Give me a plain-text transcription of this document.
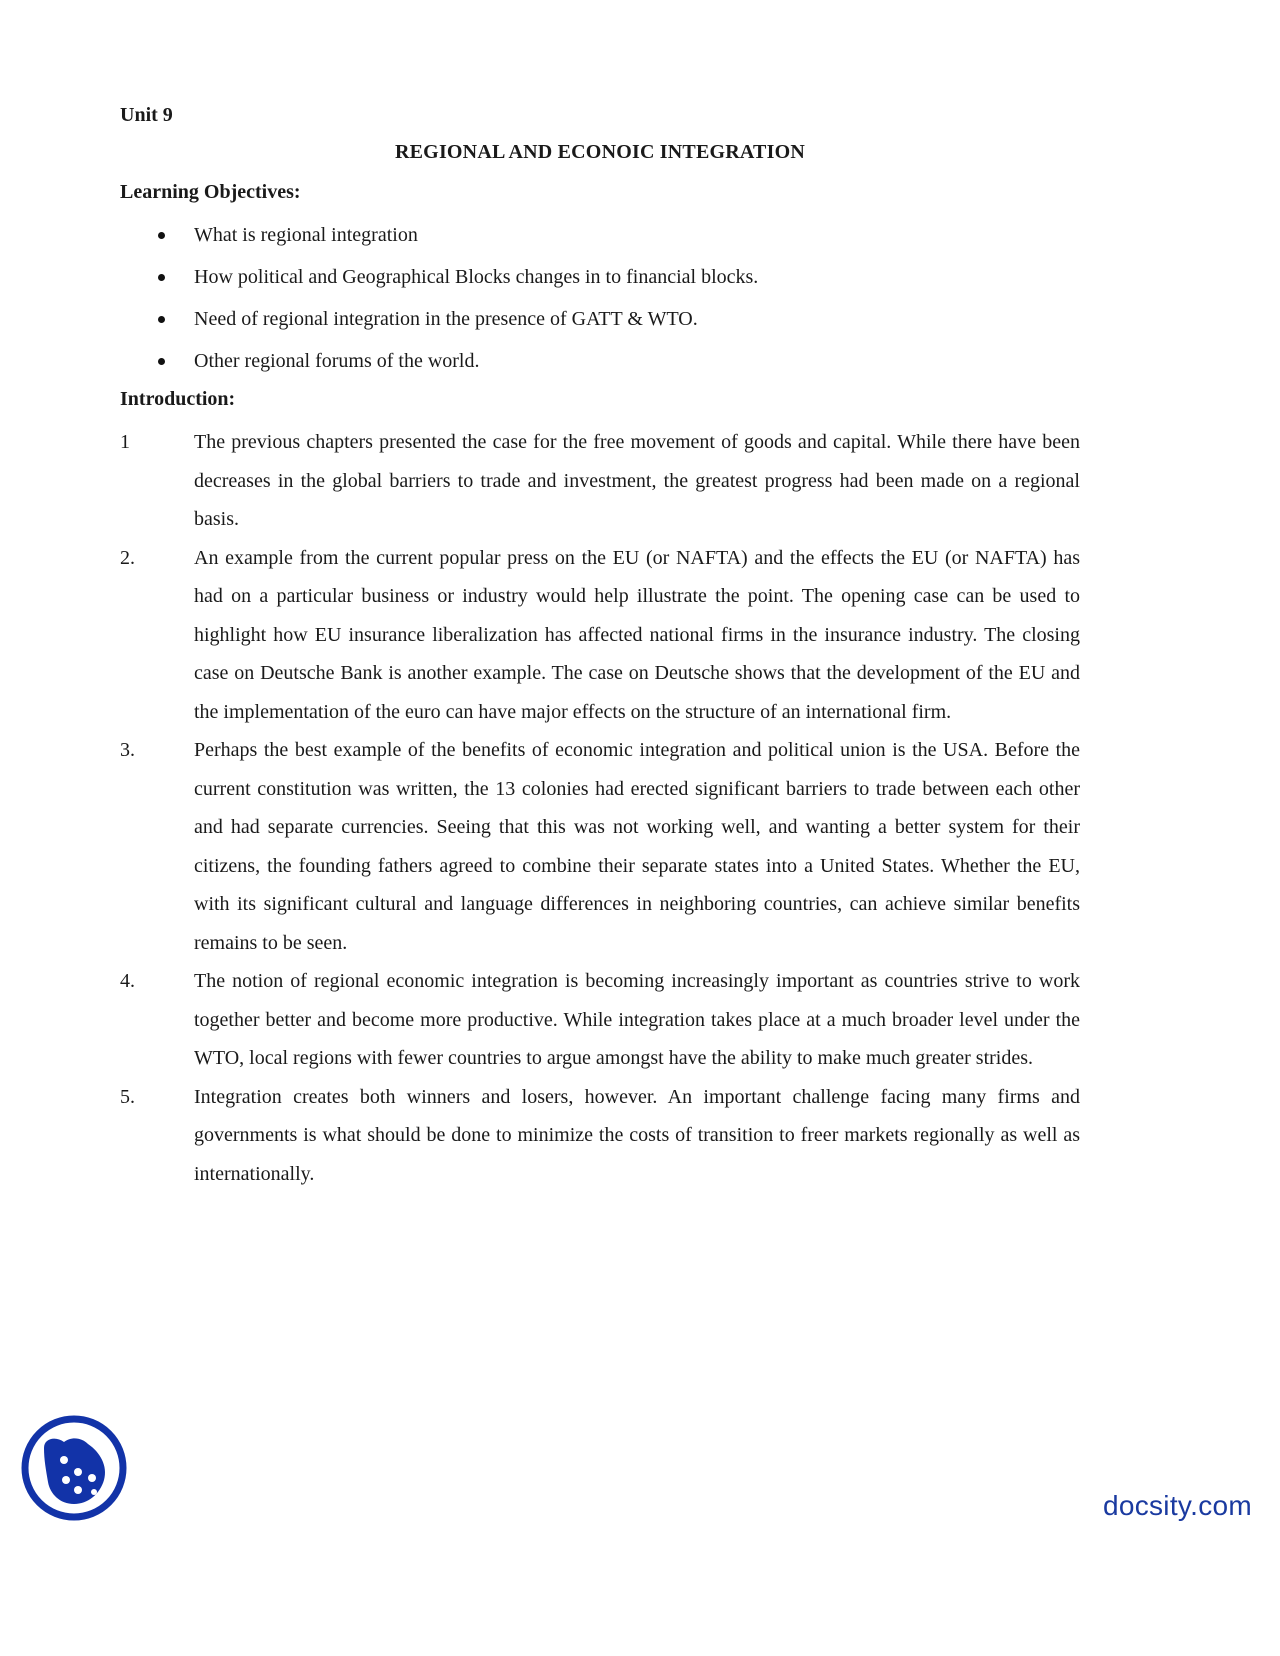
Unit 9
REGIONAL AND ECONOIC INTEGRATION
Learning Objectives:
What is regional integration
How political and Geographical Blocks changes in to financial blocks.
Need of regional integration in the presence of GATT & WTO.
Other regional forums of the world.
Introduction:
1	The previous chapters presented the case for the free movement of goods and capital. While there have been decreases in the global barriers to trade and investment, the greatest progress had been made on a regional basis.
2.	An example from the current popular press on the EU (or NAFTA) and the effects the EU (or NAFTA) has had on a particular business or industry would help illustrate the point. The opening case can be used to highlight how EU insurance liberalization has affected national firms in the insurance industry. The closing case on Deutsche Bank is another example. The case on Deutsche shows that the development of the EU and the implementation of the euro can have major effects on the structure of an international firm.
3.	Perhaps the best example of the benefits of economic integration and political union is the USA. Before the current constitution was written, the 13 colonies had erected significant barriers to trade between each other and had separate currencies. Seeing that this was not working well, and wanting a better system for their citizens, the founding fathers agreed to combine their separate states into a United States. Whether the EU, with its significant cultural and language differences in neighboring countries, can achieve similar benefits remains to be seen.
4.	The notion of regional economic integration is becoming increasingly important as countries strive to work together better and become more productive. While integration takes place at a much broader level under the WTO, local regions with fewer countries to argue amongst have the ability to make much greater strides.
5.	Integration creates both winners and losers, however. An important challenge facing many firms and governments is what should be done to minimize the costs of transition to freer markets regionally as well as internationally.
docsity.com
